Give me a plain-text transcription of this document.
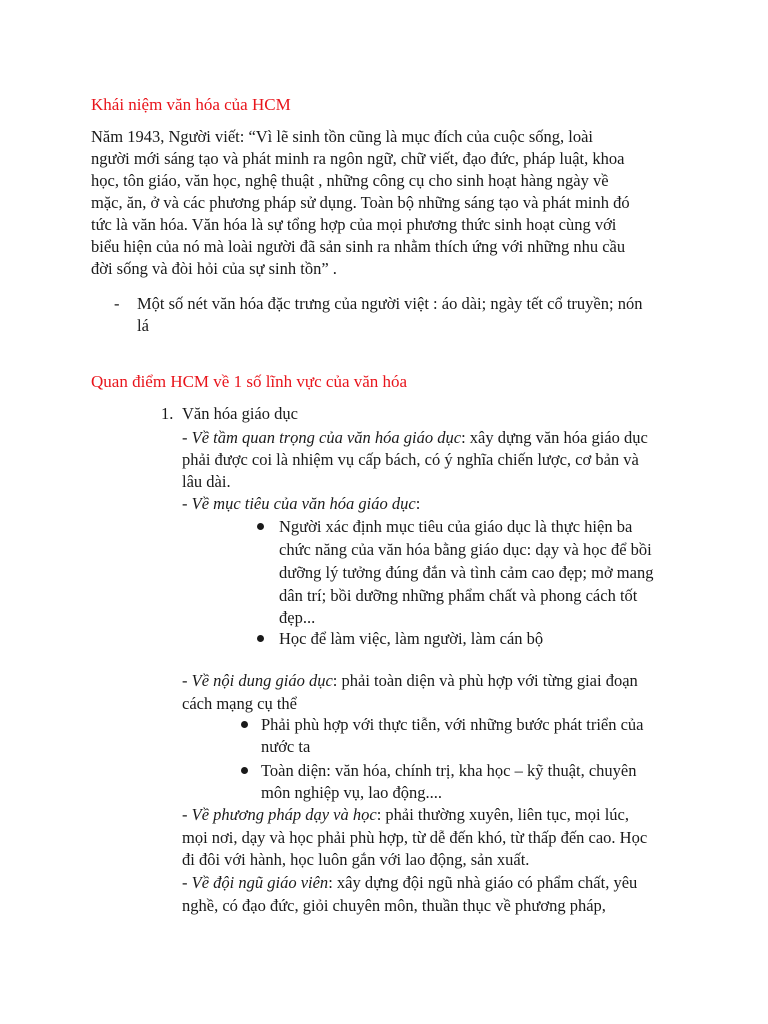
Khái niệm văn hóa của HCM
Năm 1943, Người viết: “Vì lẽ sinh tồn cũng là mục đích của cuộc sống, loài
người mới sáng tạo và phát minh ra ngôn ngữ, chữ viết, đạo đức, pháp luật, khoa
học, tôn giáo, văn học, nghệ thuật , những công cụ cho sinh hoạt hàng ngày về
mặc, ăn, ở và các phương pháp sử dụng. Toàn bộ những sáng tạo và phát minh đó
tức là văn hóa. Văn hóa là sự tổng hợp của mọi phương thức sinh hoạt cùng với
biểu hiện của nó mà loài người đã sản sinh ra nhằm thích ứng với những nhu cầu
đời sống và đòi hỏi của sự sinh tồn” .
- Một số nét văn hóa đặc trưng của người việt : áo dài; ngày tết cổ truyền; nón
lá
Quan điểm HCM về 1 số lĩnh vực của văn hóa
1. Văn hóa giáo dục
- Về tầm quan trọng của văn hóa giáo dục: xây dựng văn hóa giáo dục
phải được coi là nhiệm vụ cấp bách, có ý nghĩa chiến lược, cơ bản và
lâu dài.
- Về mục tiêu của văn hóa giáo dục:
Người xác định mục tiêu của giáo dục là thực hiện ba
chức năng của văn hóa bằng giáo dục: dạy và học để bồi
dưỡng lý tưởng đúng đắn và tình cảm cao đẹp; mở mang
dân trí; bồi dưỡng những phẩm chất và phong cách tốt
đẹp...
Học để làm việc, làm người, làm cán bộ
- Về nội dung giáo dục: phải toàn diện và phù hợp với từng giai đoạn
cách mạng cụ thể
Phải phù hợp với thực tiễn, với những bước phát triển của
nước ta
Toàn diện: văn hóa, chính trị, kha học – kỹ thuật, chuyên
môn nghiệp vụ, lao động....
- Về phương pháp dạy và học: phải thường xuyên, liên tục, mọi lúc,
mọi nơi, dạy và học phải phù hợp, từ dễ đến khó, từ thấp đến cao. Học
đi đôi với hành, học luôn gắn với lao động, sản xuất.
- Về đội ngũ giáo viên: xây dựng đội ngũ nhà giáo có phẩm chất, yêu
nghề, có đạo đức, giỏi chuyên môn, thuần thục về phương pháp,
